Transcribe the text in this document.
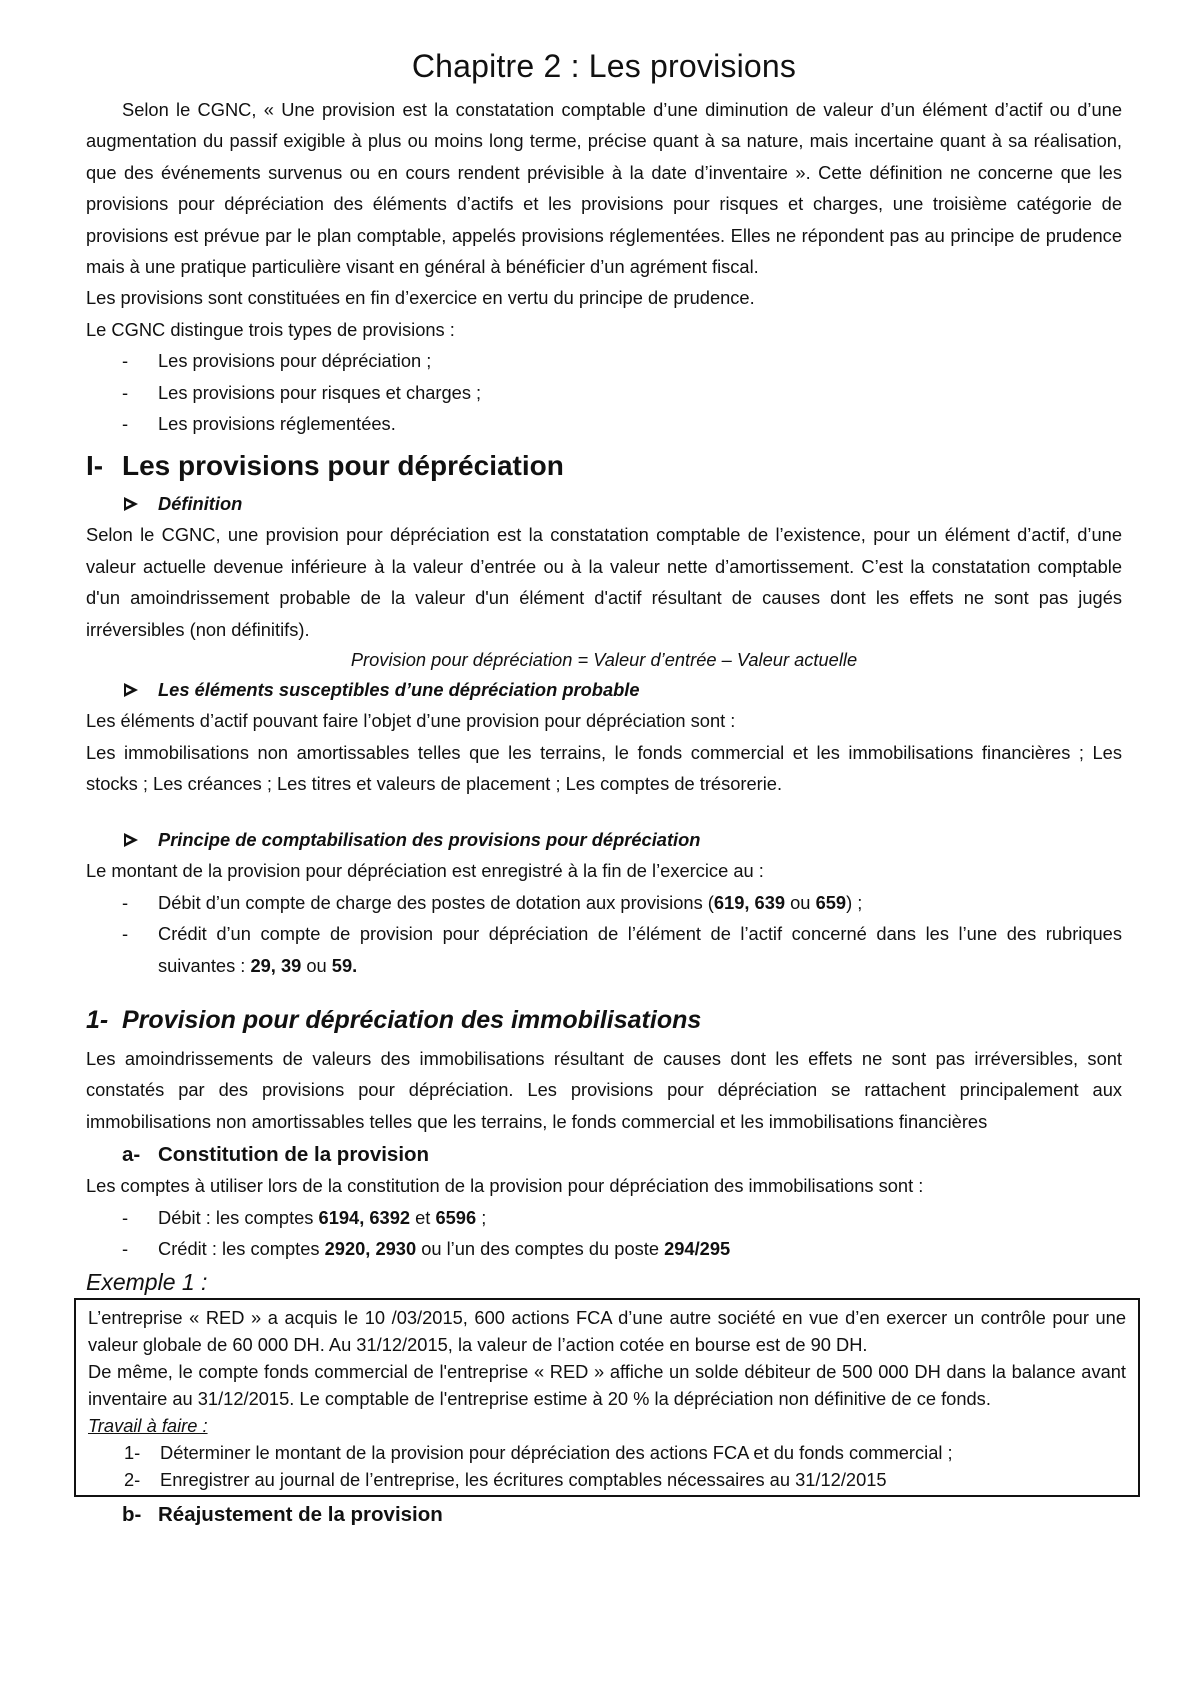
Chapitre 2 : Les provisions

Selon le CGNC, « Une provision est la constatation comptable d’une diminution de valeur d’un élément d’actif ou d’une augmentation du passif exigible à plus ou moins long terme, précise quant à sa nature, mais incertaine quant à sa réalisation, que des événements survenus ou en cours rendent prévisible à la date d’inventaire ». Cette définition ne concerne que les provisions pour dépréciation des éléments d’actifs et les provisions pour risques et charges, une troisième catégorie de provisions est prévue par le plan comptable, appelés provisions réglementées. Elles ne répondent pas au principe de prudence mais à une pratique particulière visant en général à bénéficier d’un agrément fiscal.

Les provisions sont constituées en fin d’exercice en vertu du principe de prudence.

Le CGNC distingue trois types de provisions :

- Les provisions pour dépréciation ;
- Les provisions pour risques et charges ;
- Les provisions réglementées.
I- Les provisions pour dépréciation
Définition

Selon le CGNC, une provision pour dépréciation est la constatation comptable de l’existence, pour un élément d’actif, d’une valeur actuelle devenue inférieure à la valeur d’entrée ou à la valeur nette d’amortissement. C’est la constatation comptable d'un amoindrissement probable de la valeur d'un élément d'actif résultant de causes dont les effets ne sont pas jugés irréversibles (non définitifs).

Provision pour dépréciation = Valeur d’entrée – Valeur actuelle

Les éléments susceptibles d’une dépréciation probable

Les éléments d’actif pouvant faire l’objet d’une provision pour dépréciation sont :

Les immobilisations non amortissables telles que les terrains, le fonds commercial et les immobilisations financières ; Les stocks ; Les créances ; Les titres et valeurs de placement ; Les comptes de trésorerie.

Principe de comptabilisation des provisions pour dépréciation

Le montant de la provision pour dépréciation est enregistré à la fin de l’exercice au :

- Débit d’un compte de charge des postes de dotation aux provisions (619, 639 ou 659) ;
- Crédit d’un compte de provision pour dépréciation de l’élément de l’actif concerné dans les l’une des rubriques suivantes : 29, 39 ou 59.
1- Provision pour dépréciation des immobilisations

Les amoindrissements de valeurs des immobilisations résultant de causes dont les effets ne sont pas irréversibles, sont constatés par des provisions pour dépréciation. Les provisions pour dépréciation se rattachent principalement aux immobilisations non amortissables telles que les terrains, le fonds commercial et les immobilisations financières

a- Constitution de la provision

Les comptes à utiliser lors de la constitution de la provision pour dépréciation des immobilisations sont :

- Débit : les comptes 6194, 6392 et 6596 ;
- Crédit : les comptes 2920, 2930 ou l’un des comptes du poste 294/295
Exemple 1 :

L’entreprise « RED » a acquis le 10 /03/2015, 600 actions FCA d’une autre société en vue d’en exercer un contrôle pour une valeur globale de 60 000 DH. Au 31/12/2015, la valeur de l’action cotée en bourse est de 90 DH.

De même, le compte fonds commercial de l'entreprise « RED » affiche un solde débiteur de 500 000 DH dans la balance avant inventaire au 31/12/2015. Le comptable de l'entreprise estime à 20 % la dépréciation non définitive de ce fonds.

Travail à faire :

1- Déterminer le montant de la provision pour dépréciation des actions FCA et du fonds commercial ;
2- Enregistrer au journal de l’entreprise, les écritures comptables nécessaires au 31/12/2015
b- Réajustement de la provision
